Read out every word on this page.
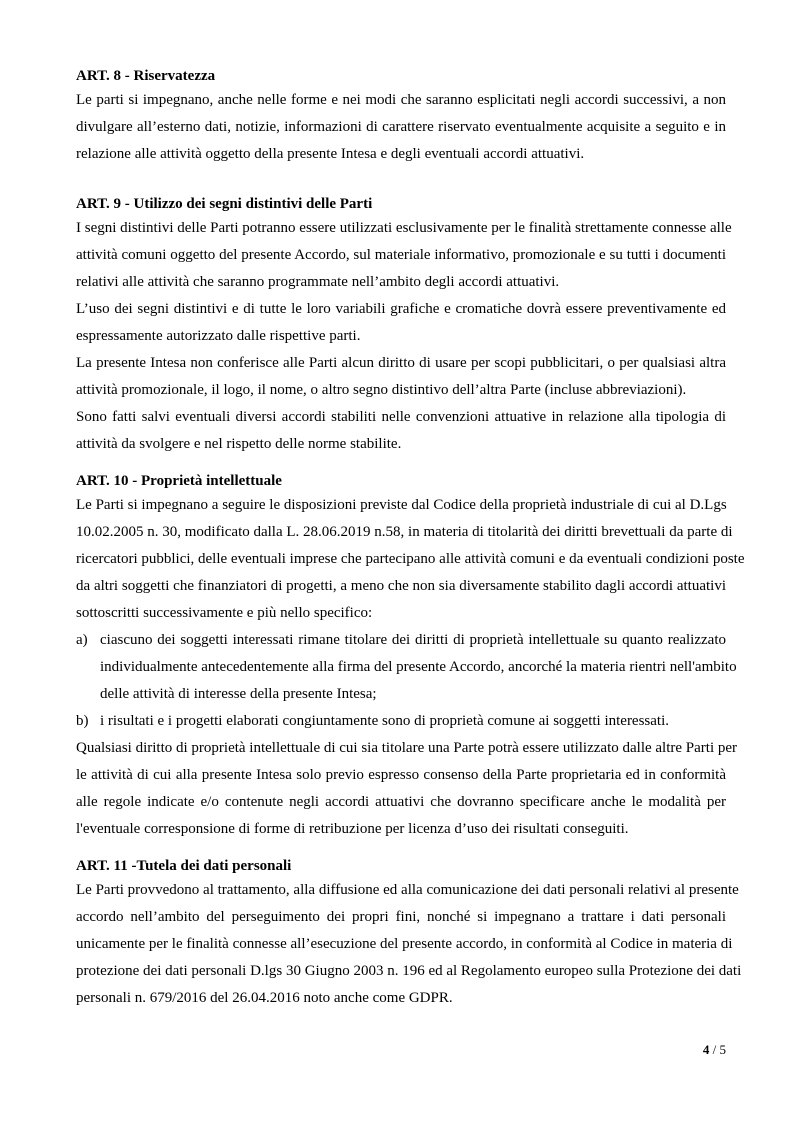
ART. 8 - Riservatezza
Le parti si impegnano, anche nelle forme e nei modi che saranno esplicitati negli accordi successivi, a non
divulgare all’esterno dati, notizie, informazioni di carattere riservato eventualmente acquisite a seguito e in
relazione alle attività oggetto della presente Intesa e degli eventuali accordi attuativi.
ART. 9 - Utilizzo dei segni distintivi delle Parti
I segni distintivi delle Parti potranno essere utilizzati esclusivamente per le finalità strettamente connesse alle
attività comuni oggetto del presente Accordo, sul materiale informativo, promozionale e su tutti i documenti
relativi alle attività che saranno programmate nell’ambito degli accordi attuativi.
L’uso dei segni distintivi e di tutte le loro variabili grafiche e cromatiche dovrà essere preventivamente ed
espressamente autorizzato dalle rispettive parti.
La presente Intesa non conferisce alle Parti alcun diritto di usare per scopi pubblicitari, o per qualsiasi altra
attività promozionale, il logo, il nome, o altro segno distintivo dell’altra Parte (incluse abbreviazioni).
Sono fatti salvi eventuali diversi accordi stabiliti nelle convenzioni attuative in relazione alla tipologia di
attività da svolgere e nel rispetto delle norme stabilite.
ART. 10 - Proprietà intellettuale
Le Parti si impegnano a seguire le disposizioni previste dal Codice della proprietà industriale di cui al D.Lgs
10.02.2005 n. 30, modificato dalla L. 28.06.2019 n.58, in materia di titolarità dei diritti brevettuali da parte di
ricercatori pubblici, delle eventuali imprese che partecipano alle attività comuni e da eventuali condizioni poste
da altri soggetti che finanziatori di progetti, a meno che non sia diversamente stabilito dagli accordi attuativi
sottoscritti successivamente e più nello specifico:
a) ciascuno dei soggetti interessati rimane titolare dei diritti di proprietà intellettuale su quanto realizzato
individualmente antecedentemente alla firma del presente Accordo, ancorché la materia rientri nell'ambito
delle attività di interesse della presente Intesa;
b) i risultati e i progetti elaborati congiuntamente sono di proprietà comune ai soggetti interessati.
Qualsiasi diritto di proprietà intellettuale di cui sia titolare una Parte potrà essere utilizzato dalle altre Parti per
le attività di cui alla presente Intesa solo previo espresso consenso della Parte proprietaria ed in conformità
alle regole indicate e/o contenute negli accordi attuativi che dovranno specificare anche le modalità per
l'eventuale corresponsione di forme di retribuzione per licenza d’uso dei risultati conseguiti.
ART. 11 -Tutela dei dati personali
Le Parti provvedono al trattamento, alla diffusione ed alla comunicazione dei dati personali relativi al presente
accordo nell’ambito del perseguimento dei propri fini, nonché si impegnano a trattare i dati personali
unicamente per le finalità connesse all’esecuzione del presente accordo, in conformità al Codice in materia di
protezione dei dati personali D.lgs 30 Giugno 2003 n. 196 ed al Regolamento europeo sulla Protezione dei dati
personali n. 679/2016 del 26.04.2016 noto anche come GDPR.
4 / 5
